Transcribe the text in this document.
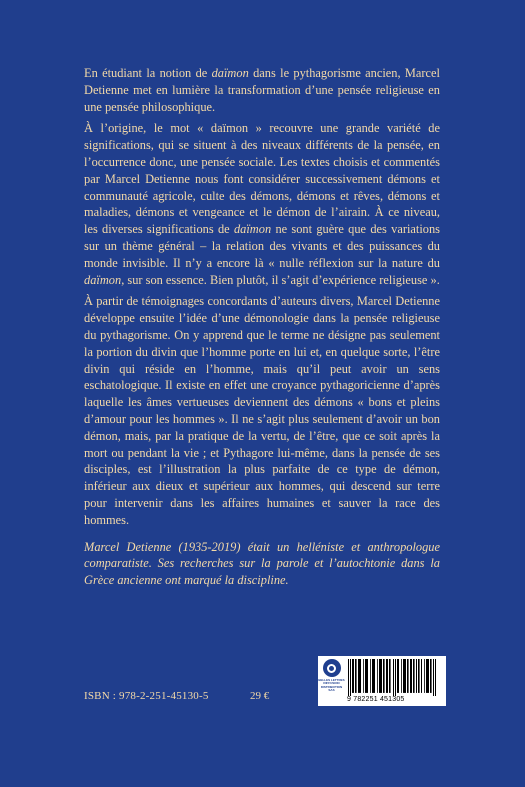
En étudiant la notion de daïmon dans le pythagorisme ancien, Marcel Detienne met en lumière la transformation d’une pensée religieuse en une pensée philosophique.

À l’origine, le mot « daïmon » recouvre une grande variété de significations, qui se situent à des niveaux différents de la pensée, en l’occurrence donc, une pensée sociale. Les textes choisis et commentés par Marcel Detienne nous font considérer successivement démons et communauté agricole, culte des démons, démons et rêves, démons et maladies, démons et vengeance et le démon de l’airain. À ce niveau, les diverses significations de daïmon ne sont guère que des variations sur un thème général – la relation des vivants et des puissances du monde invisible. Il n’y a encore là « nulle réflexion sur la nature du daïmon, sur son essence. Bien plutôt, il s’agit d’expérience religieuse ».

À partir de témoignages concordants d’auteurs divers, Marcel Detienne développe ensuite l’idée d’une démonologie dans la pensée religieuse du pythagorisme. On y apprend que le terme ne désigne pas seulement la portion du divin que l’homme porte en lui et, en quelque sorte, l’être divin qui réside en l’homme, mais qu’il peut avoir un sens eschatologique. Il existe en effet une croyance pythagoricienne d’après laquelle les âmes vertueuses deviennent des démons « bons et pleins d’amour pour les hommes ». Il ne s’agit plus seulement d’avoir un bon démon, mais, par la pratique de la vertu, de l’être, que ce soit après la mort ou pendant la vie ; et Pythagore lui-même, dans la pensée de ses disciples, est l’illustration la plus parfaite de ce type de démon, inférieur aux dieux et supérieur aux hommes, qui descend sur terre pour intervenir dans les affaires humaines et sauver la race des hommes.

Marcel Detienne (1935-2019) était un helléniste et anthropologue comparatiste. Ses recherches sur la parole et l’autochtonie dans la Grèce ancienne ont marqué la discipline.

ISBN : 978-2-251-45130-5	29 €
BELLES LETTRES
DIFFUSION
DISTRIBUTION
SAS
9 782251 451305
